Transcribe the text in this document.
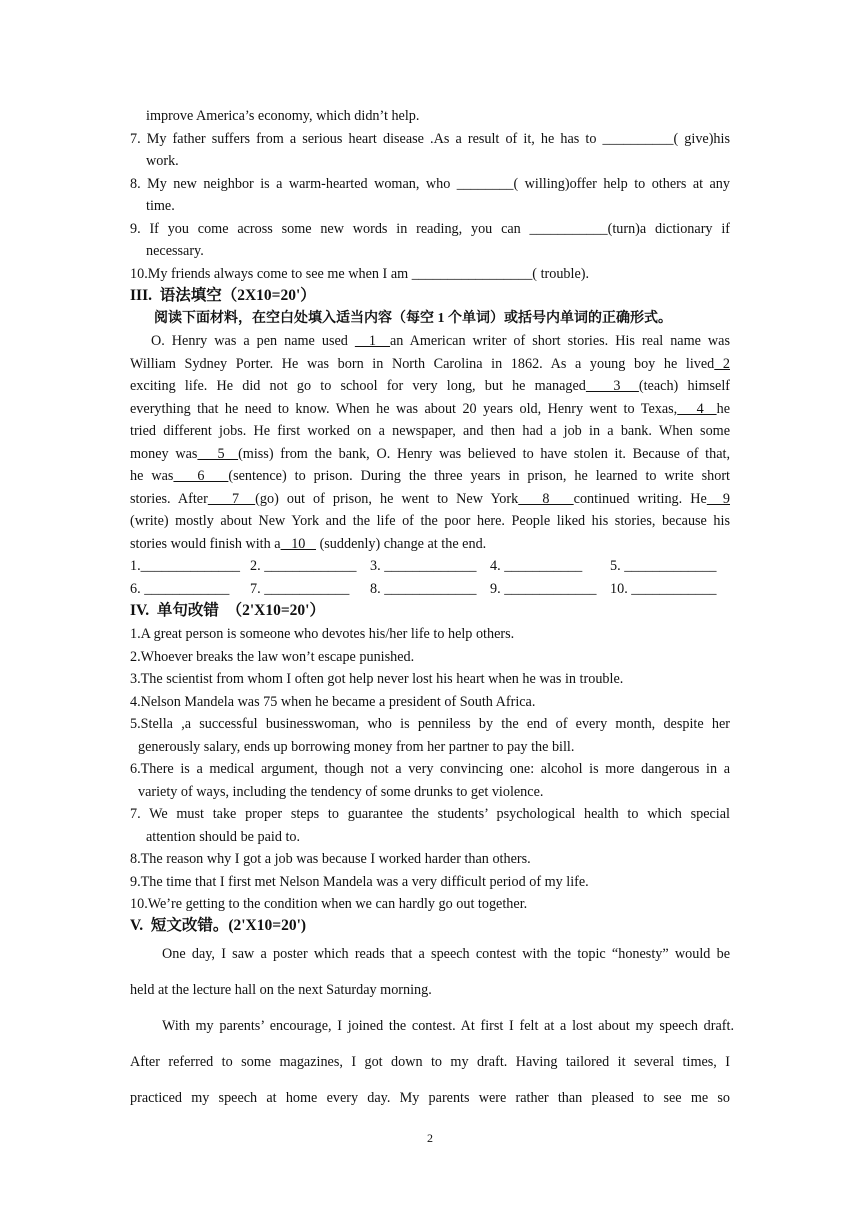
improve America’s economy, which didn’t help.
7. My father suffers from a serious heart disease .As a result of it, he has to __________( give)his
work.
8. My new neighbor is a warm-hearted woman, who ________( willing)offer help to others at any
time.
9. If you come across some new words in reading, you can ___________(turn)a dictionary if
necessary.
10.My friends always come to see me when I am _________________( trouble).
III.  语法填空（2X10=20'）
阅读下面材料，在空白处填入适当内容（每空 1 个单词）或括号内单词的正确形式。
O. Henry was a pen name used   1  an American writer of short stories. His real name was
William Sydney Porter. He was born in North Carolina in 1862. As a young boy he lived 2
exciting life. He did not go to school for very long, but he managed   3  (teach) himself
everything that he need to know. When he was about 20 years old, Henry went to Texas,   4  he
tried different jobs. He first worked on a newspaper, and then had a job in a bank. When some
money was   5  (miss) from the bank, O. Henry was believed to have stolen it. Because of that,
he was   6   (sentence) to prison. During the three years in prison, he learned to write short
stories. After   7  (go) out of prison, he went to New York   8   continued writing. He  9
(write) mostly about New York and the life of the poor here. People liked his stories, because his
stories would finish with a   10    (suddenly) change at the end.
1.______________ 2. _____________ 3. _____________ 4. ___________	5. _____________
6. ____________	7. ____________	8. _____________ 9. _____________ 10. ____________
IV.  单句改错  （2'X10=20'）
1.A great person is someone who devotes his/her life to help others.
2.Whoever breaks the law won’t escape punished.
3.The scientist from whom I often got help never lost his heart when he was in trouble.
4.Nelson Mandela was 75 when he became a president of South Africa.
5.Stella ,a successful businesswoman, who is penniless by the end of every month, despite her
generously salary, ends up borrowing money from her partner to pay the bill.
6.There is a medical argument, though not a very convincing one: alcohol is more dangerous in a
variety of ways, including the tendency of some drunks to get violence.
7. We must take proper steps to guarantee the students’ psychological health to which special
attention should be paid to.
8.The reason why I got a job was because I worked harder than others.
9.The time that I first met Nelson Mandela was a very difficult period of my life.
10.We’re getting to the condition when we can hardly go out together.
V.  短文改错。(2'X10=20')
One day, I saw a poster which reads that a speech contest with the topic “honesty” would be
held at the lecture hall on the next Saturday morning.
With my parents’ encourage, I joined the contest. At first I felt at a lost about my speech draft.
After referred to some magazines, I got down to my draft. Having tailored it several times, I
practiced my speech at home every day. My parents were rather than pleased to see me so
2
